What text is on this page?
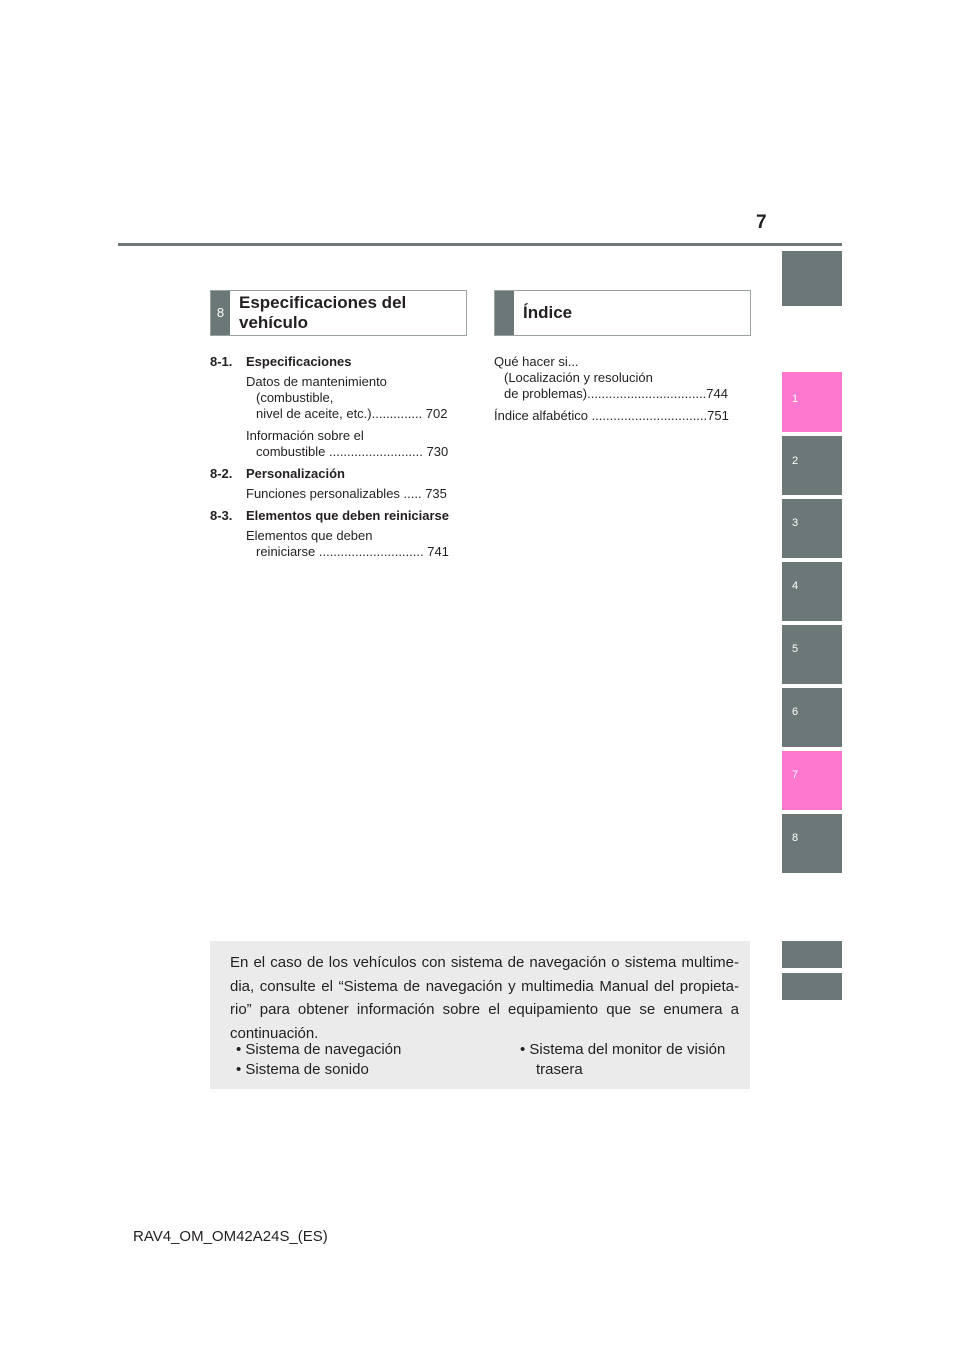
7
1
2
3
4
5
6
7
8
8
Especificaciones del
vehículo
Índice
8-1. Especificaciones
Datos de mantenimiento
(combustible,
nivel de aceite, etc.).............. 702
Información sobre el
combustible .......................... 730
8-2. Personalización
Funciones personalizables ..... 735
8-3. Elementos que deben reiniciarse
Elementos que deben
reiniciarse ............................. 741
Qué hacer si...
(Localización y resolución
de problemas).................................744
Índice alfabético ................................751

En el caso de los vehículos con sistema de navegación o sistema multime-dia, consulte el “Sistema de navegación y multimedia Manual del propieta-rio” para obtener información sobre el equipamiento que se enumera a continuación.

• Sistema de navegación
• Sistema de sonido
• Sistema del monitor de visión
trasera
RAV4_OM_OM42A24S_(ES)
